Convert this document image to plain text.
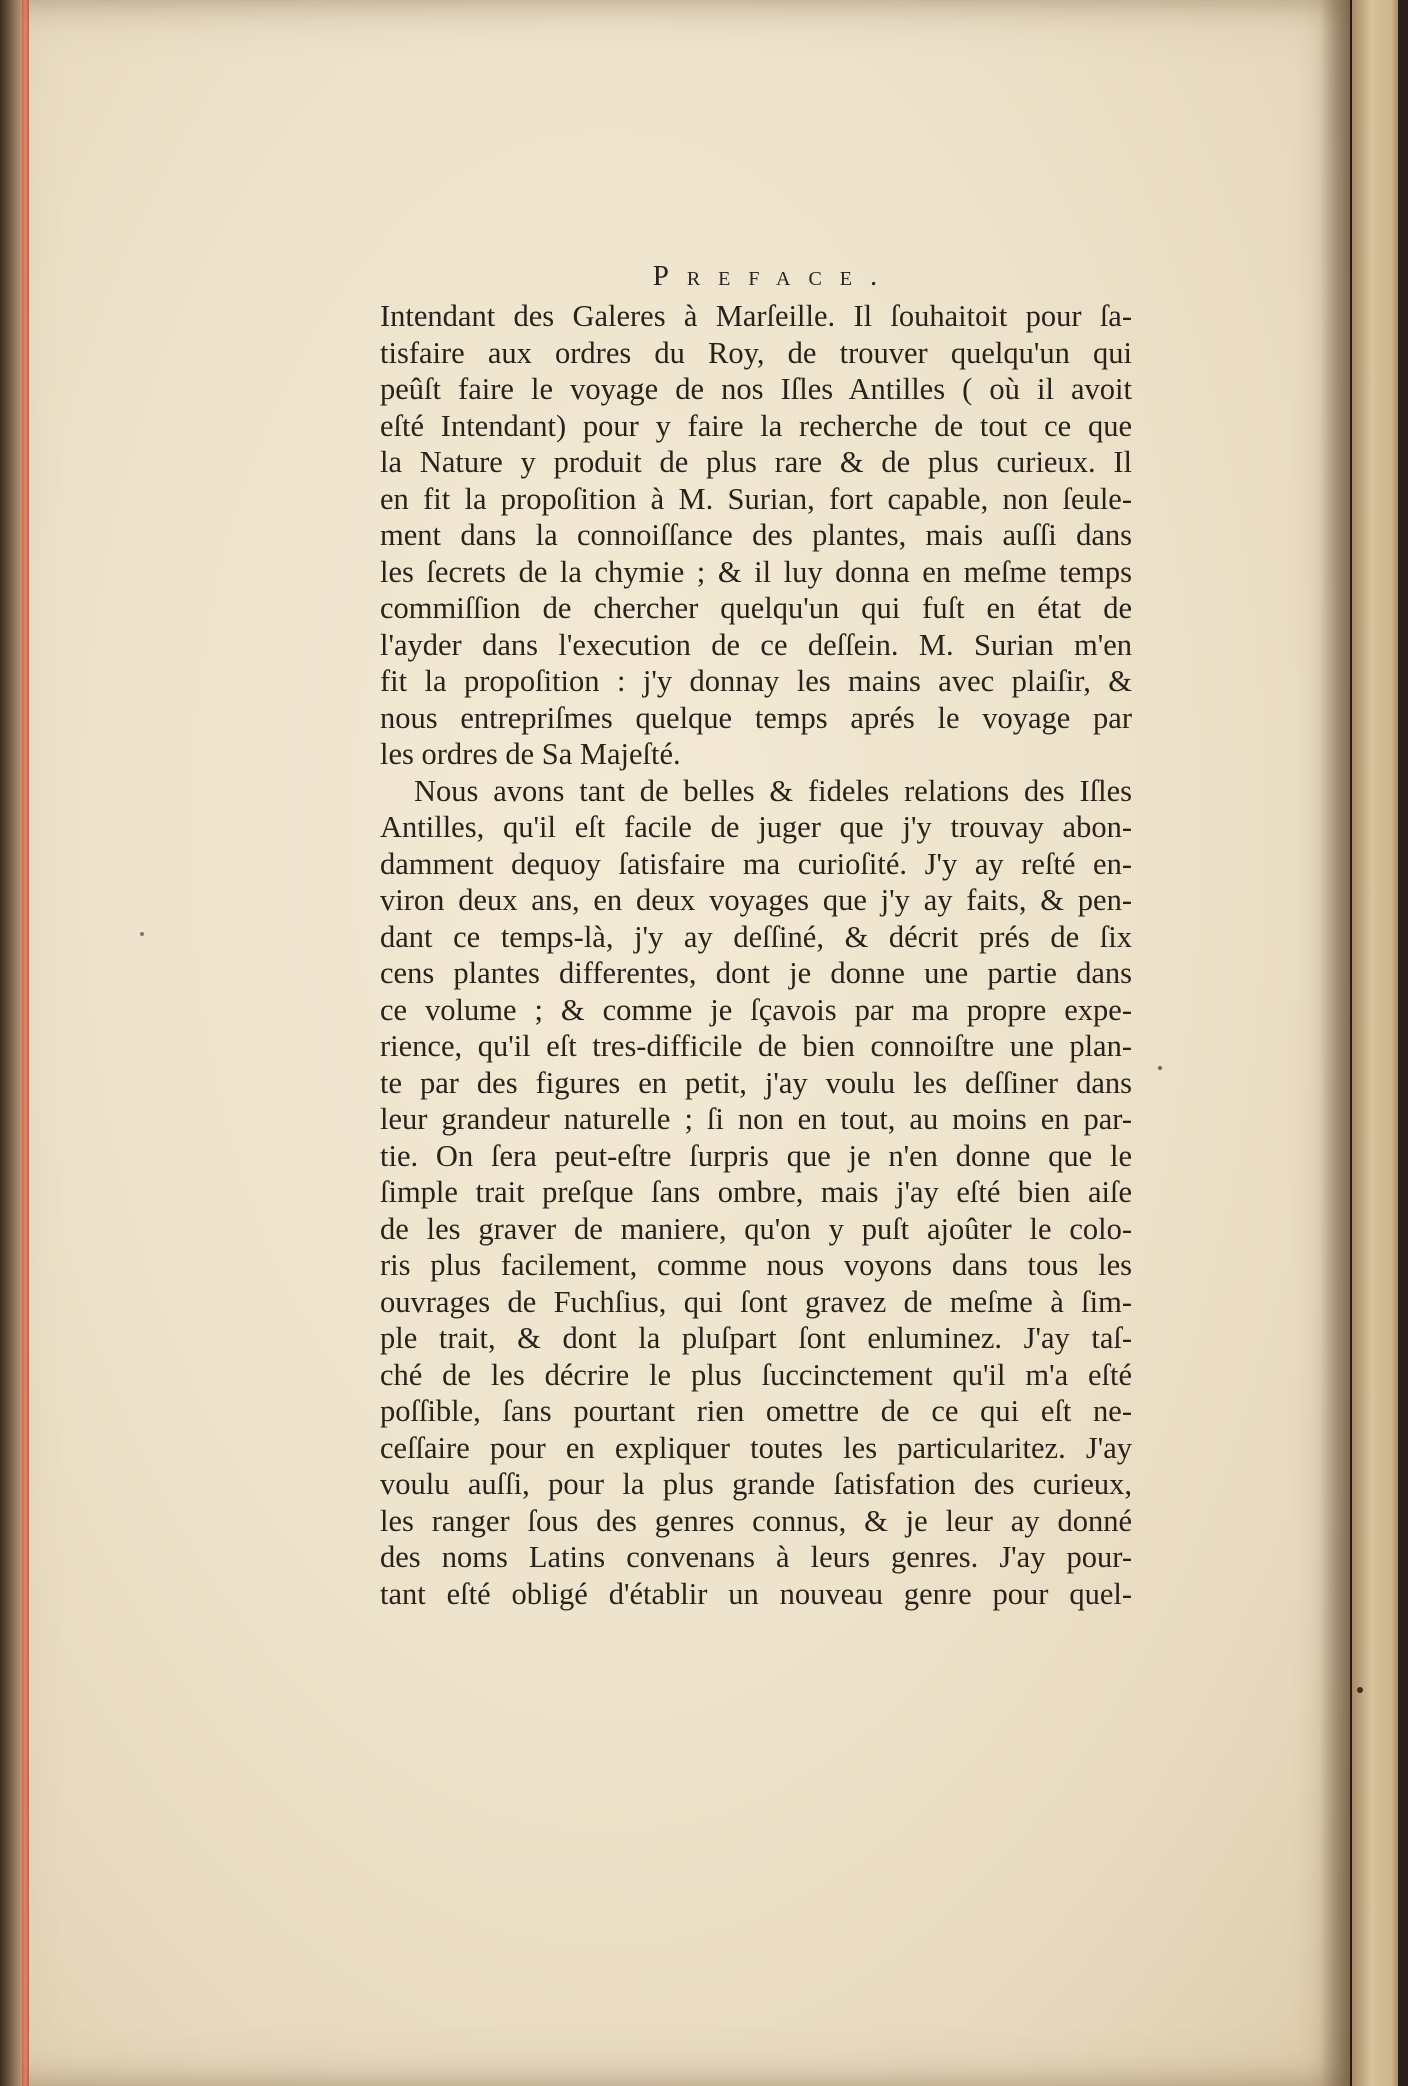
Preface.
Intendant des Galeres à Marſeille. Il ſouhaitoit pour ſa-
tisfaire aux ordres du Roy, de trouver quelqu'un qui
peûſt faire le voyage de nos Iſles Antilles ( où il avoit
eſté Intendant) pour y faire la recherche de tout ce que
la Nature y produit de plus rare & de plus curieux. Il
en fit la propoſition à M. Surian, fort capable, non ſeule-
ment dans la connoiſſance des plantes, mais auſſi dans
les ſecrets de la chymie ; & il luy donna en meſme temps
commiſſion de chercher quelqu'un qui fuſt en état de
l'ayder dans l'execution de ce deſſein. M. Surian m'en
fit la propoſition : j'y donnay les mains avec plaiſir, &
nous entrepriſmes quelque temps aprés le voyage par
les ordres de Sa Majeſté.
Nous avons tant de belles & fideles relations des Iſles
Antilles, qu'il eſt facile de juger que j'y trouvay abon-
damment dequoy ſatisfaire ma curioſité. J'y ay reſté en-
viron deux ans, en deux voyages que j'y ay faits, & pen-
dant ce temps-là, j'y ay deſſiné, & décrit prés de ſix
cens plantes differentes, dont je donne une partie dans
ce volume ; & comme je ſçavois par ma propre expe-
rience, qu'il eſt tres-difficile de bien connoiſtre une plan-
te par des figures en petit, j'ay voulu les deſſiner dans
leur grandeur naturelle ; ſi non en tout, au moins en par-
tie. On ſera peut-eſtre ſurpris que je n'en donne que le
ſimple trait preſque ſans ombre, mais j'ay eſté bien aiſe
de les graver de maniere, qu'on y puſt ajoûter le colo-
ris plus facilement, comme nous voyons dans tous les
ouvrages de Fuchſius, qui ſont gravez de meſme à ſim-
ple trait, & dont la pluſpart ſont enluminez. J'ay taſ-
ché de les décrire le plus ſuccinctement qu'il m'a eſté
poſſible, ſans pourtant rien omettre de ce qui eſt ne-
ceſſaire pour en expliquer toutes les particularitez. J'ay
voulu auſſi, pour la plus grande ſatisfation des curieux,
les ranger ſous des genres connus, & je leur ay donné
des noms Latins convenans à leurs genres. J'ay pour-
tant eſté obligé d'établir un nouveau genre pour quel-
